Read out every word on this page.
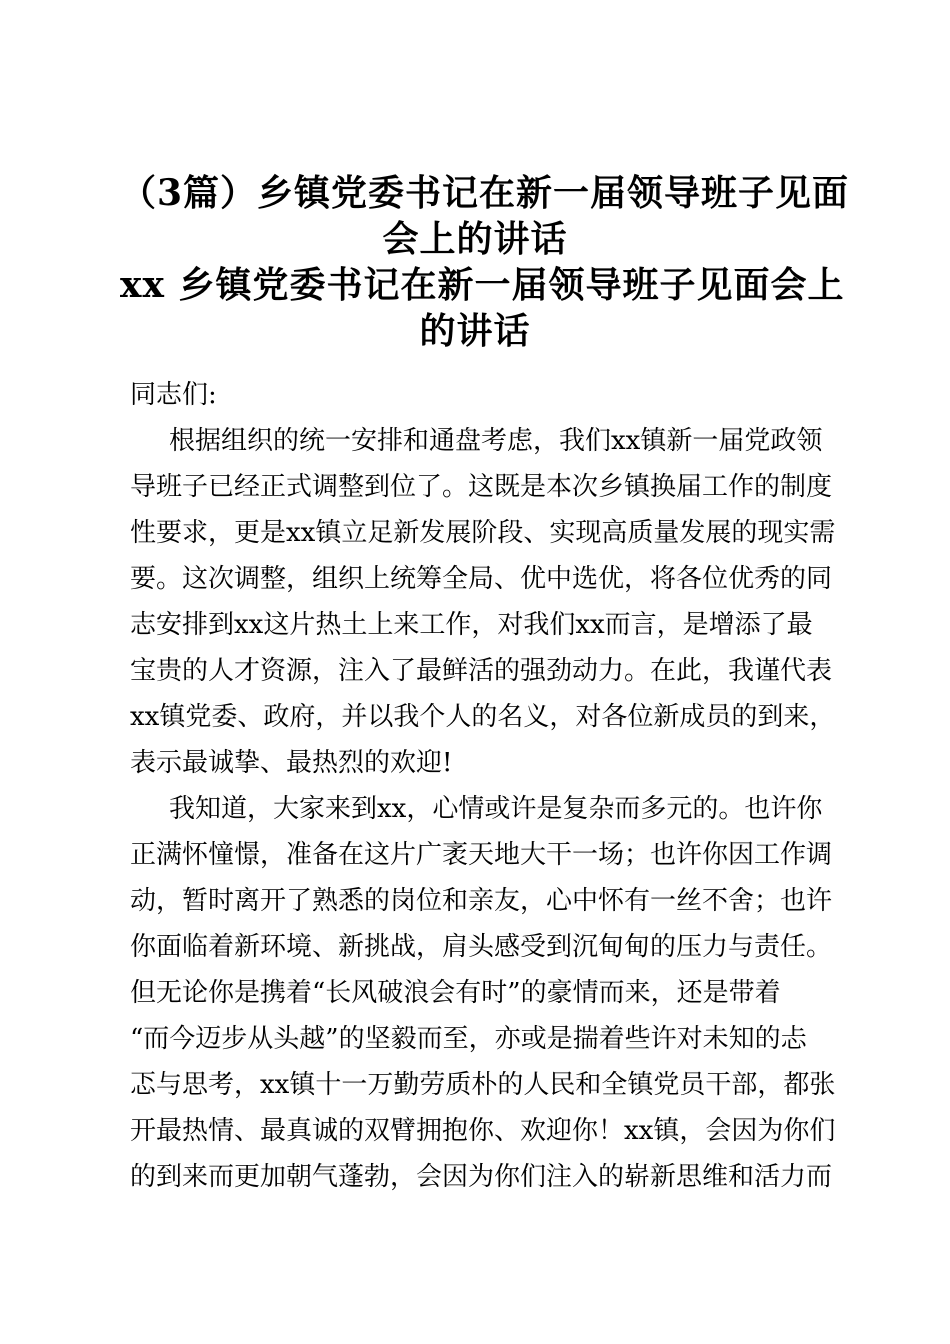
（3篇）乡镇党委书记在新一届领导班子见面
会上的讲话
xx 乡镇党委书记在新一届领导班子见面会上
的讲话

同志们:

根据组织的统一安排和通盘考虑，我们xx镇新一届党政领

导班子已经正式调整到位了。这既是本次乡镇换届工作的制度

性要求，更是xx镇立足新发展阶段、实现高质量发展的现实需

要。这次调整，组织上统筹全局、优中选优，将各位优秀的同

志安排到xx这片热土上来工作，对我们xx而言，是增添了最

宝贵的人才资源，注入了最鲜活的强劲动力。在此，我谨代表

xx镇党委、政府，并以我个人的名义，对各位新成员的到来，

表示最诚挚、最热烈的欢迎!

我知道，大家来到xx，心情或许是复杂而多元的。也许你

正满怀憧憬，准备在这片广袤天地大干一场；也许你因工作调

动，暂时离开了熟悉的岗位和亲友，心中怀有一丝不舍；也许

你面临着新环境、新挑战，肩头感受到沉甸甸的压力与责任。

但无论你是携着“长风破浪会有时”的豪情而来，还是带着

“而今迈步从头越”的坚毅而至，亦或是揣着些许对未知的忐

忑与思考，xx镇十一万勤劳质朴的人民和全镇党员干部，都张

开最热情、最真诚的双臂拥抱你、欢迎你！xx镇，会因为你们

的到来而更加朝气蓬勃，会因为你们注入的崭新思维和活力而
